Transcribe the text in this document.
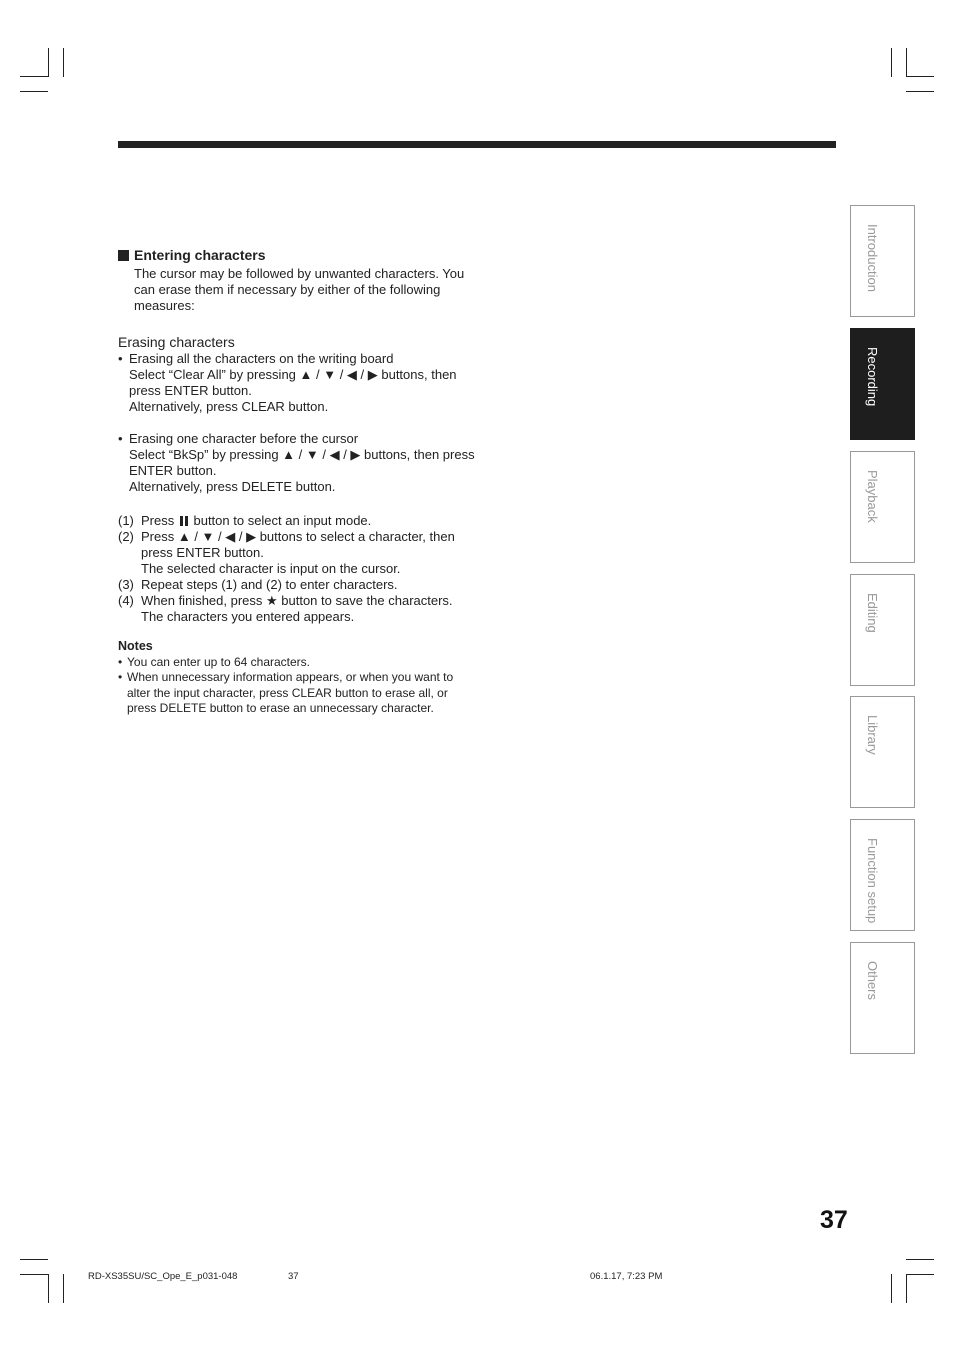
Entering characters
The cursor may be followed by unwanted characters. You can erase them if necessary by either of the following measures:
Erasing characters
• Erasing all the characters on the writing board
Select “Clear All” by pressing ▲ / ▼ / ◀ / ▶ buttons, then press ENTER button.
Alternatively, press CLEAR button.
• Erasing one character before the cursor
Select “BkSp” by pressing ▲ / ▼ / ◀ / ▶ buttons, then press ENTER button.
Alternatively, press DELETE button.
(1) Press button to select an input mode.
(2) Press ▲ / ▼ / ◀ / ▶ buttons to select a character, then press ENTER button.
The selected character is input on the cursor.
(3) Repeat steps (1) and (2) to enter characters.
(4) When finished, press ★ button to save the characters.
The characters you entered appears.
Notes
• You can enter up to 64 characters.
• When unnecessary information appears, or when you want to alter the input character, press CLEAR button to erase all, or press DELETE button to erase an unnecessary character.
Introduction
Recording
Playback
Editing
Library
Function setup
Others
37
RD-XS35SU/SC_Ope_E_p031-048	37	06.1.17, 7:23 PM
